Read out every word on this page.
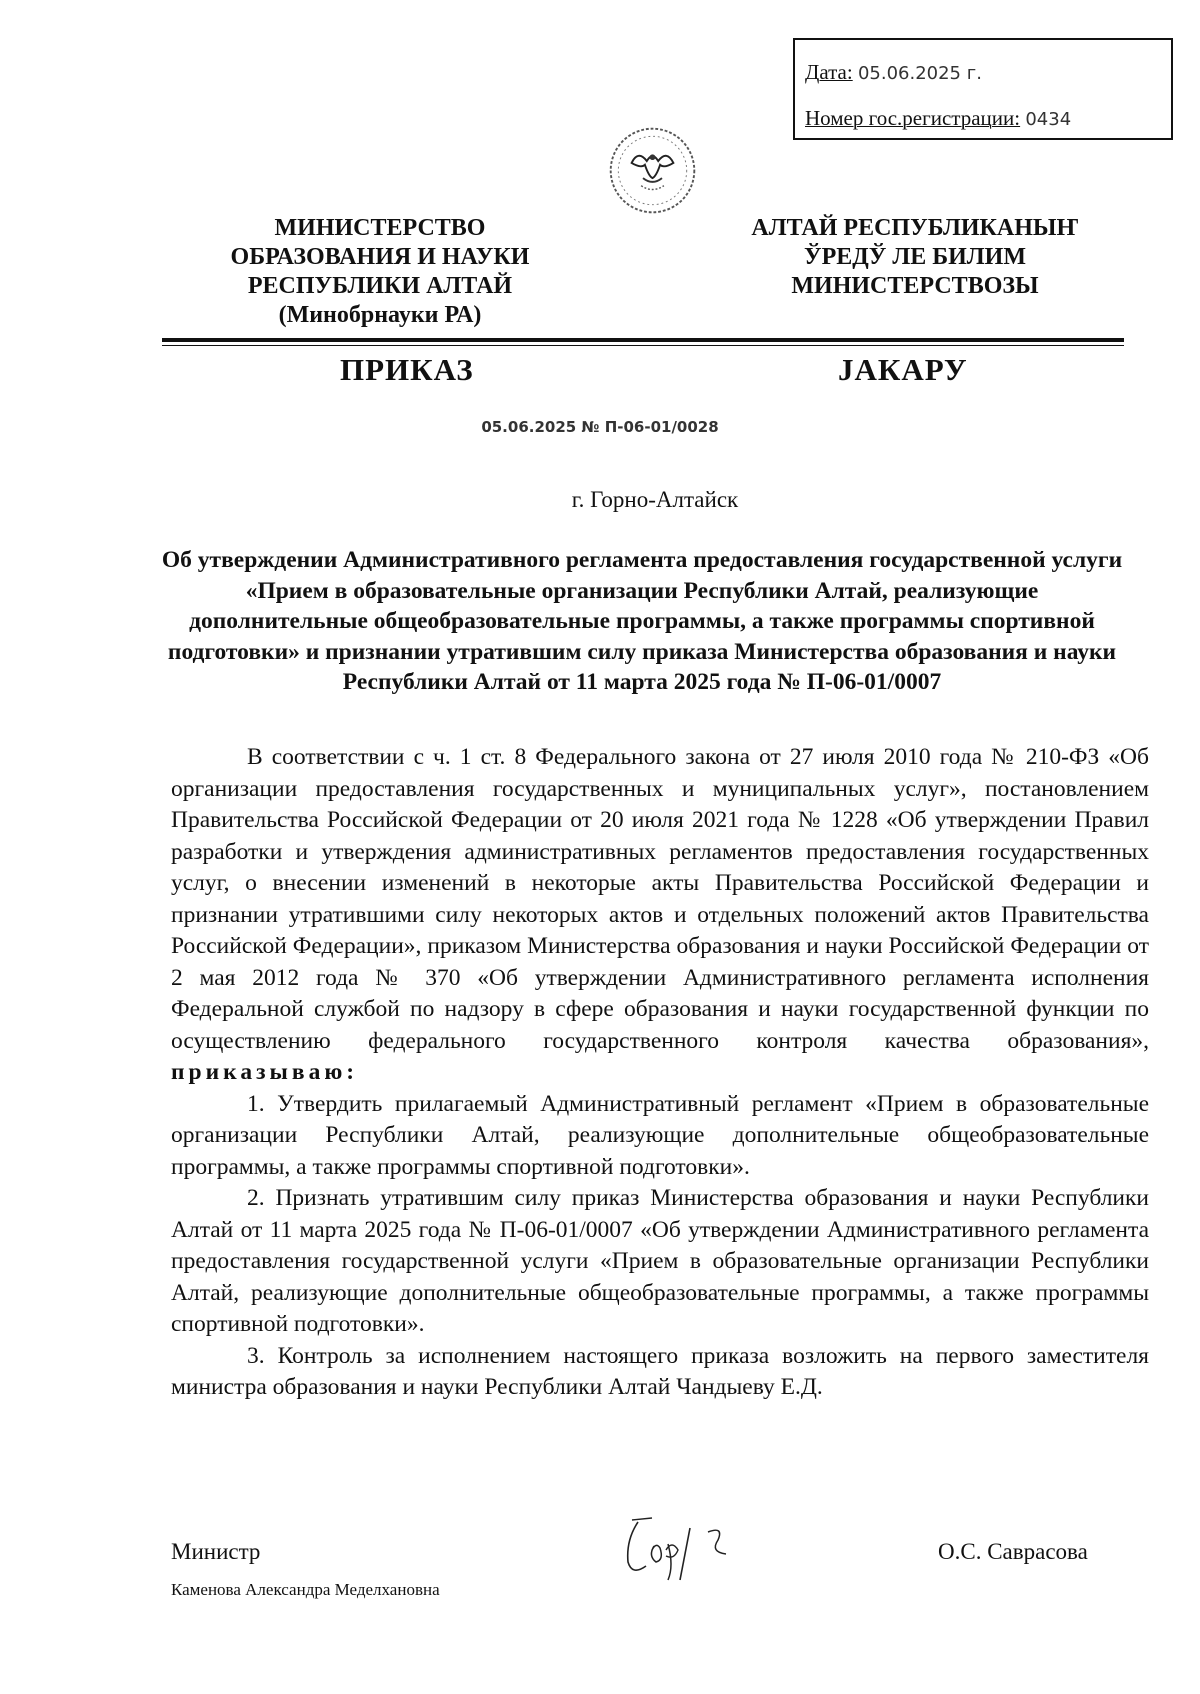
Дата: 05.06.2025 г.
Номер гос.регистрации: 0434
МИНИСТЕРСТВО
ОБРАЗОВАНИЯ И НАУКИ
РЕСПУБЛИКИ АЛТАЙ
(Минобрнауки РА)
АЛТАЙ РЕСПУБЛИКАНЫҤ
ЎРЕДЎ ЛЕ БИЛИМ
МИНИСТЕРСТВОЗЫ
ПРИКАЗ	JАКАРУ
05.06.2025 № П-06-01/0028
г. Горно-Алтайск
Об утверждении Административного регламента предоставления государственной услуги «Прием в образовательные организации Республики Алтай, реализующие дополнительные общеобразовательные программы, а также программы спортивной подготовки» и признании утратившим силу приказа Министерства образования и науки Республики Алтай от 11 марта 2025 года № П-06-01/0007

В соответствии с ч. 1 ст. 8 Федерального закона от 27 июля 2010 года № 210-ФЗ «Об организации предоставления государственных и муниципальных услуг», постановлением Правительства Российской Федерации от 20 июля 2021 года № 1228 «Об утверждении Правил разработки и утверждения административных регламентов предоставления государственных услуг, о внесении изменений в некоторые акты Правительства Российской Федерации и признании утратившими силу некоторых актов и отдельных положений актов Правительства Российской Федерации», приказом Министерства образования и науки Российской Федерации от 2 мая 2012 года № 370 «Об утверждении Административного регламента исполнения Федеральной службой по надзору в сфере образования и науки государственной функции по осуществлению федерального государственного контроля качества образования», приказываю:

1. Утвердить прилагаемый Административный регламент «Прием в образовательные организации Республики Алтай, реализующие дополнительные общеобразовательные программы, а также программы спортивной подготовки».

2. Признать утратившим силу приказ Министерства образования и науки Республики Алтай от 11 марта 2025 года № П-06-01/0007 «Об утверждении Административного регламента предоставления государственной услуги «Прием в образовательные организации Республики Алтай, реализующие дополнительные общеобразовательные программы, а также программы спортивной подготовки».

3. Контроль за исполнением настоящего приказа возложить на первого заместителя министра образования и науки Республики Алтай Чандыеву Е.Д.

Министр
Каменова Александра Меделхановна
О.С. Саврасова
